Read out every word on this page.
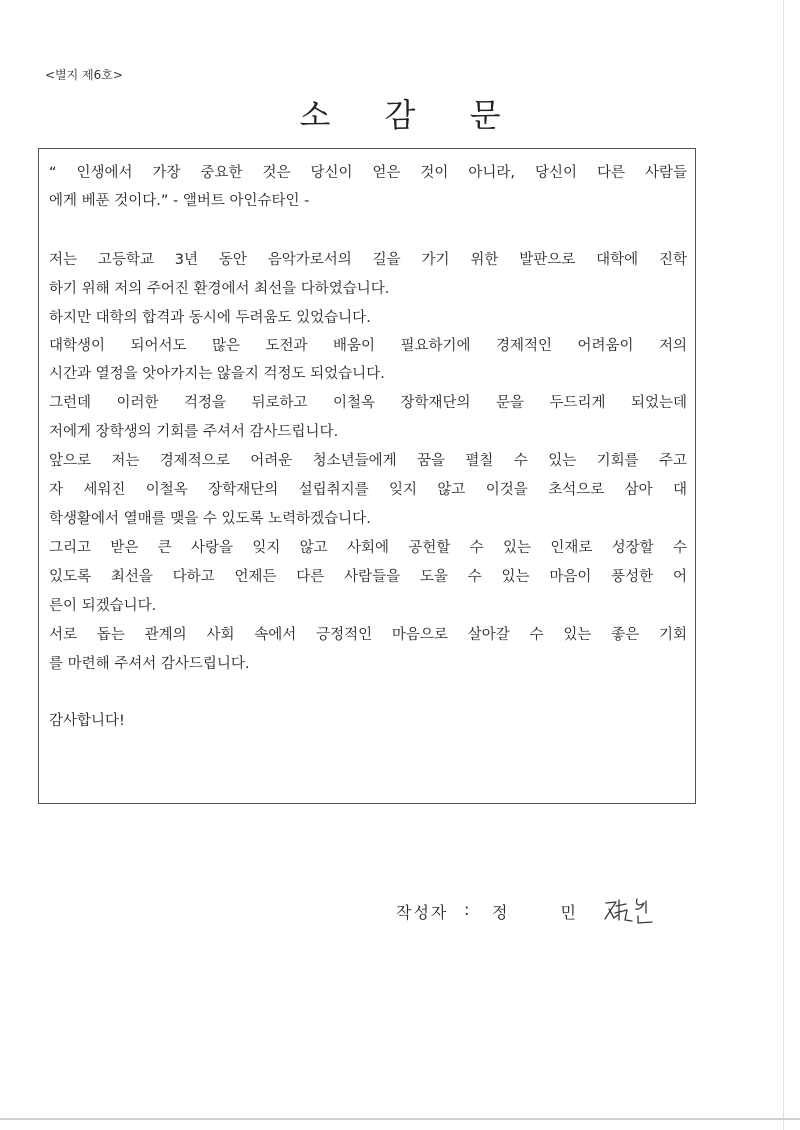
<별지 제6호>
소 감 문
“ 인생에서 가장 중요한 것은 당신이 얻은 것이 아니라, 당신이 다른 사람들
에게 베푼 것이다.” - 앨버트 아인슈타인 -
저는 고등학교 3년 동안 음악가로서의 길을 가기 위한 발판으로 대학에 진학
하기 위해 저의 주어진 환경에서 최선을 다하였습니다.
하지만 대학의 합격과 동시에 두려움도 있었습니다.
대학생이 되어서도 많은 도전과 배움이 필요하기에 경제적인 어려움이 저의
시간과 열정을 앗아가지는 않을지 걱정도 되었습니다.
그런데 이러한 걱정을 뒤로하고 이철옥 장학재단의 문을 두드리게 되었는데
저에게 장학생의 기회를 주셔서 감사드립니다.
앞으로 저는 경제적으로 어려운 청소년들에게 꿈을 펼칠 수 있는 기회를 주고
자 세워진 이철옥 장학재단의 설립취지를 잊지 않고 이것을 초석으로 삼아 대
학생활에서 열매를 맺을 수 있도록 노력하겠습니다.
그리고 받은 큰 사랑을 잊지 않고 사회에 공헌할 수 있는 인재로 성장할 수
있도록 최선을 다하고 언제든 다른 사람들을 도울 수 있는 마음이 풍성한 어
른이 되겠습니다.
서로 돕는 관계의 사회 속에서 긍정적인 마음으로 살아갈 수 있는 좋은 기회
를 마련해 주셔서 감사드립니다.
감사합니다!
작성자 : 정 민
